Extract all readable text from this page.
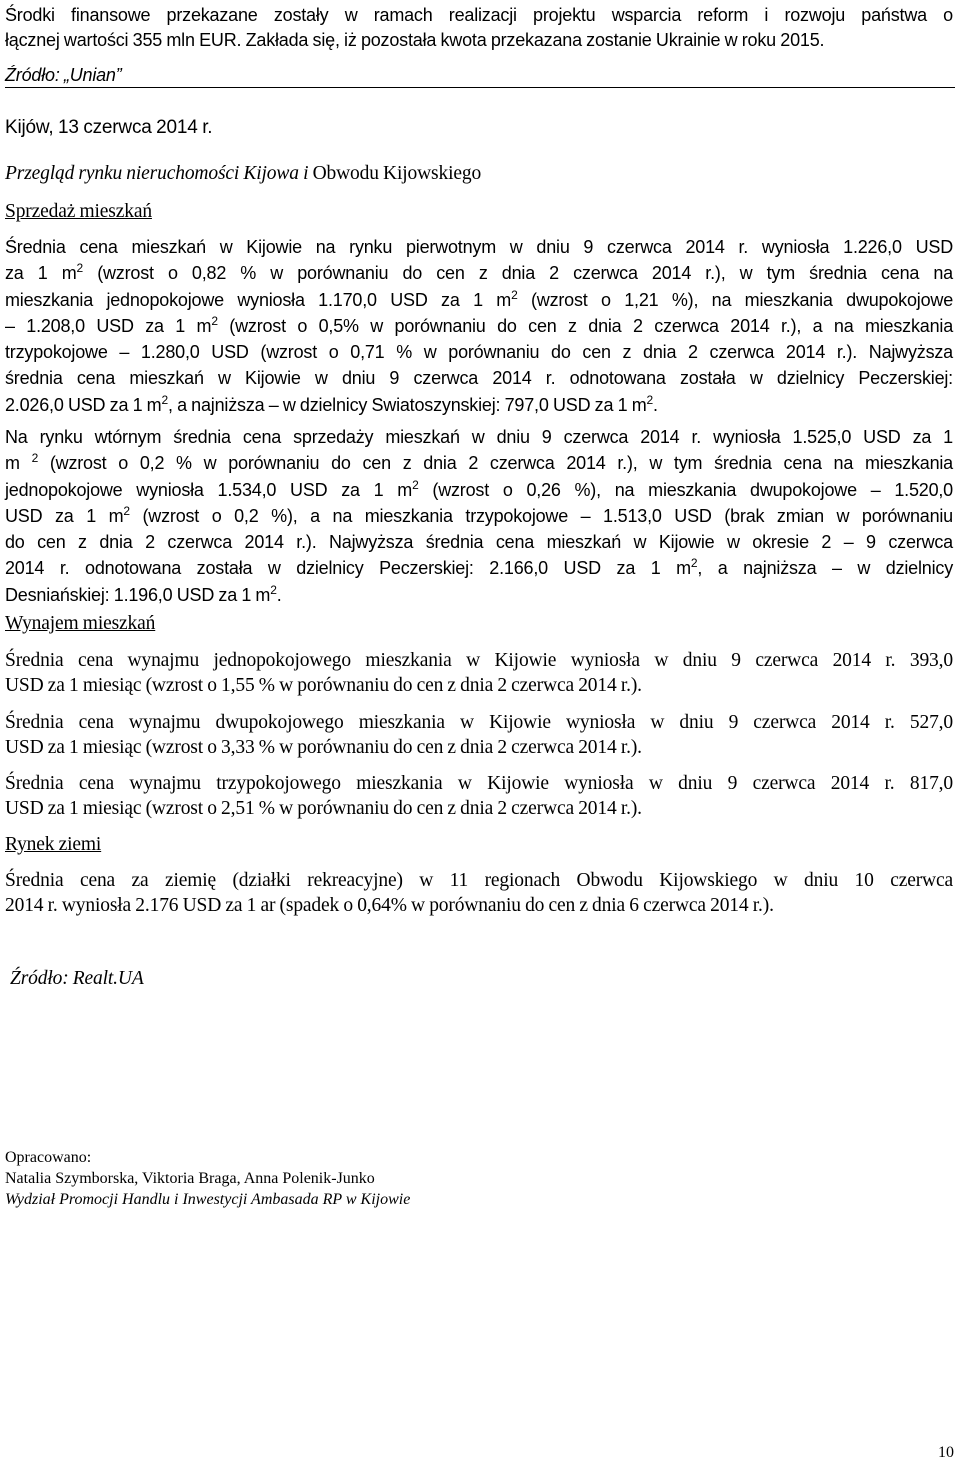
Środki finansowe przekazane zostały w ramach realizacji projektu wsparcia reform i rozwoju państwa o
łącznej wartości 355 mln EUR. Zakłada się, iż pozostała kwota przekazana zostanie Ukrainie w roku 2015.

Źródło: „Unian”

Kijów, 13 czerwca 2014 r.

Przegląd rynku nieruchomości Kijowa i Obwodu Kijowskiego

Sprzedaż mieszkań

Średnia cena mieszkań w Kijowie na rynku pierwotnym w dniu 9 czerwca 2014 r. wyniosła 1.226,0 USD
za 1 $m^2$ (wzrost o 0,82 % w porównaniu do cen z dnia 2 czerwca 2014 r.), w tym średnia cena na
mieszkania jednopokojowe wyniosła 1.170,0 USD za 1 $m^2$ (wzrost o 1,21 %), na mieszkania dwupokojowe
– 1.208,0 USD za 1 $m^2$ (wzrost o 0,5% w porównaniu do cen z dnia 2 czerwca 2014 r.), a na mieszkania
trzypokojowe – 1.280,0 USD (wzrost o 0,71 % w porównaniu do cen z dnia 2 czerwca 2014 r.). Najwyższa
średnia cena mieszkań w Kijowie w dniu 9 czerwca 2014 r. odnotowana została w dzielnicy Peczerskiej:
2.026,0 USD za 1 $m^2$, a najniższa – w dzielnicy Swiatoszynskiej: 797,0 USD za 1 $m^2$.
Na rynku wtórnym średnia cena sprzedaży mieszkań w dniu 9 czerwca 2014 r. wyniosła 1.525,0 USD za 1
m $^2$ (wzrost o 0,2 % w porównaniu do cen z dnia 2 czerwca 2014 r.), w tym średnia cena na mieszkania
jednopokojowe wyniosła 1.534,0 USD za 1 $m^2$ (wzrost o 0,26 %), na mieszkania dwupokojowe – 1.520,0
USD za 1 $m^2$ (wzrost o 0,2 %), a na mieszkania trzypokojowe – 1.513,0 USD (brak zmian w porównaniu
do cen z dnia 2 czerwca 2014 r.). Najwyższa średnia cena mieszkań w Kijowie w okresie 2 – 9 czerwca
2014 r. odnotowana została w dzielnicy Peczerskiej: 2.166,0 USD za 1 $m^2$, a najniższa – w dzielnicy
Desniańskiej: 1.196,0 USD za 1 $m^2$.

Wynajem mieszkań

Średnia cena wynajmu jednopokojowego mieszkania w Kijowie wyniosła w dniu 9 czerwca 2014 r. 393,0
USD za 1 miesiąc (wzrost o 1,55 % w porównaniu do cen z dnia 2 czerwca 2014 r.).
Średnia cena wynajmu dwupokojowego mieszkania w Kijowie wyniosła w dniu 9 czerwca 2014 r. 527,0
USD za 1 miesiąc (wzrost o 3,33 % w porównaniu do cen z dnia 2 czerwca 2014 r.).
Średnia cena wynajmu trzypokojowego mieszkania w Kijowie wyniosła w dniu 9 czerwca 2014 r. 817,0
USD za 1 miesiąc (wzrost o 2,51 % w porównaniu do cen z dnia 2 czerwca 2014 r.).

Rynek ziemi

Średnia cena za ziemię (działki rekreacyjne) w 11 regionach Obwodu Kijowskiego w dniu 10 czerwca
2014 r. wyniosła 2.176 USD za 1 ar (spadek o 0,64% w porównaniu do cen z dnia 6 czerwca 2014 r.).

Źródło: Realt.UA

Opracowano:
Natalia Szymborska, Viktoria Braga, Anna Polenik-Junko
Wydział Promocji Handlu i Inwestycji Ambasada RP w Kijowie
10
